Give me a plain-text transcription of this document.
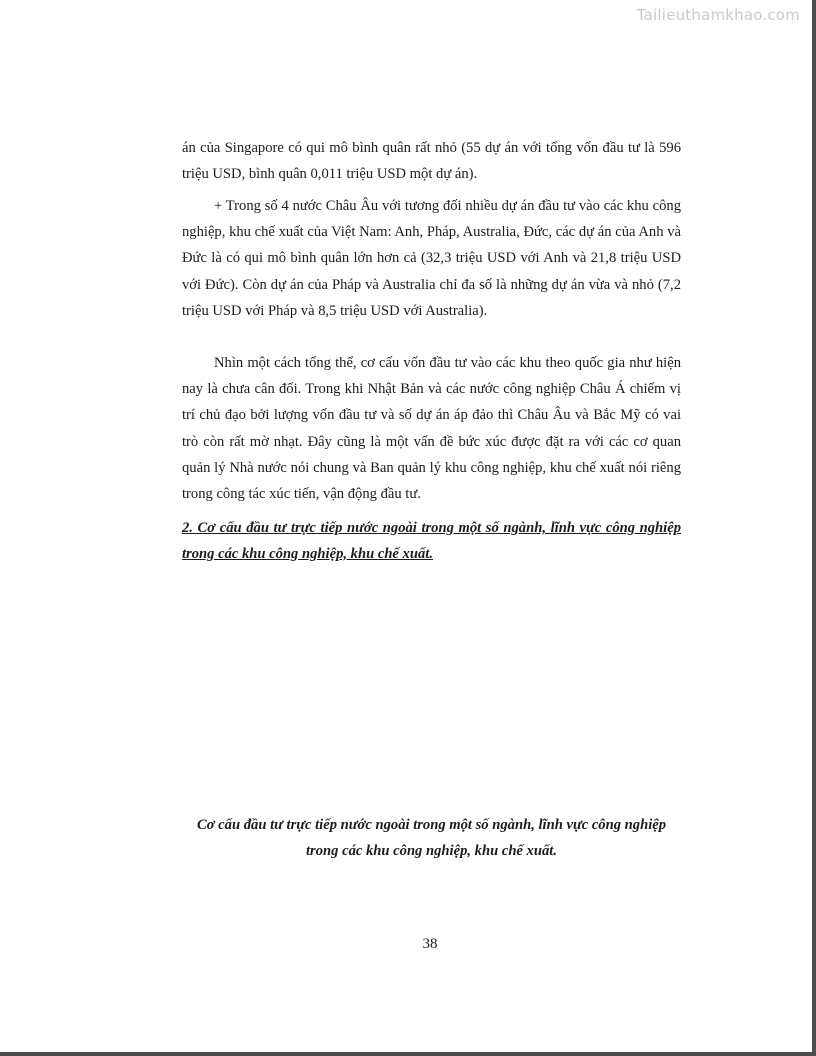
Tailieuthamkhao.com
án của Singapore có qui mô bình quân rất nhỏ (55 dự án với tổng vốn đầu tư là 596 triệu USD, bình quân 0,011 triệu USD một dự án).
+ Trong số 4 nước Châu Âu với tương đối nhiều dự án đầu tư vào các khu công nghiệp, khu chế xuất của Việt Nam: Anh, Pháp, Australia, Đức, các dự án của Anh và Đức là có qui mô bình quân lớn hơn cả (32,3 triệu USD với Anh và 21,8 triệu USD với Đức). Còn dự án của Pháp và Australia chỉ đa số là những dự án vừa và nhỏ (7,2 triệu USD với Pháp và 8,5 triệu USD với Australia).
Nhìn một cách tổng thể, cơ cấu vốn đầu tư vào các khu theo quốc gia như hiện nay là chưa cân đối. Trong khi Nhật Bản và các nước công nghiệp Châu Á chiếm vị trí chủ đạo bởi lượng vốn đầu tư và số dự án áp đảo thì Châu Âu và Bắc Mỹ có vai trò còn rất mờ nhạt. Đây cũng là một vấn đề bức xúc được đặt ra với các cơ quan quản lý Nhà nước nói chung và Ban quản lý khu công nghiệp, khu chế xuất nói riêng trong công tác xúc tiến, vận động đầu tư.
2. Cơ cấu đầu tư trực tiếp nước ngoài trong một số ngành, lĩnh vực công nghiệp trong các khu công nghiệp, khu chế xuất.
Cơ cấu đầu tư trực tiếp nước ngoài trong một số ngành, lĩnh vực công nghiệp trong các khu công nghiệp, khu chế xuất.
38
